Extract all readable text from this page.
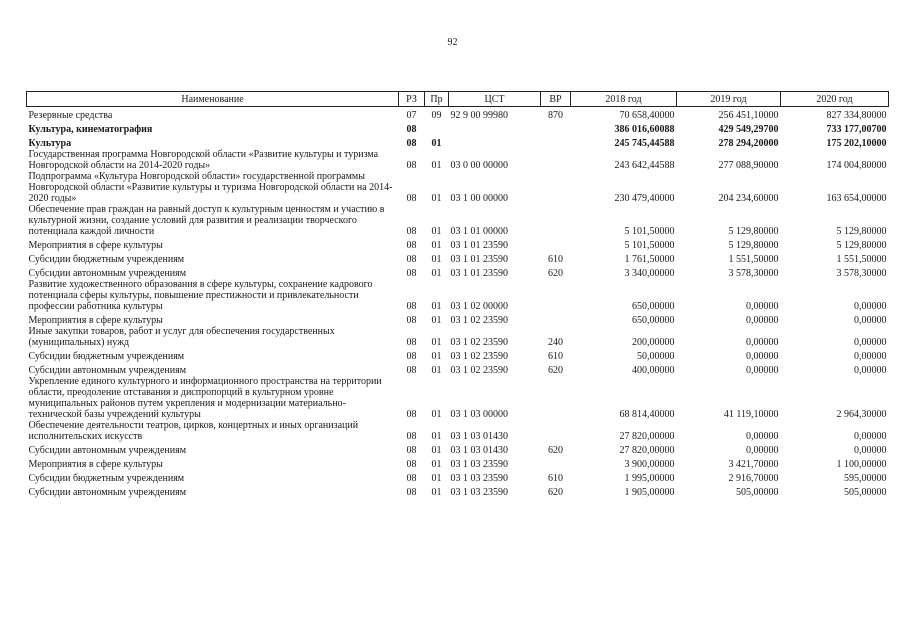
92
Наименование	РЗ	Пр	ЦСТ	ВР	2018 год	2019 год	2020 год
Резервные средства	07	09	92 9 00 99980	870	70 658,40000	256 451,10000	827 334,80000
Культура, кинематография	08				386 016,60088	429 549,29700	733 177,00700
Культура	08	01			245 745,44588	278 294,20000	175 202,10000
Государственная программа Новгородской области «Развитие культуры и туризма Новгородской области на 2014-2020 годы»	08	01	03 0 00 00000		243 642,44588	277 088,90000	174 004,80000
Подпрограмма «Культура Новгородской области» государственной программы Новгородской области «Развитие культуры и туризма Новгородской области на 2014-2020 годы»	08	01	03 1 00 00000		230 479,40000	204 234,60000	163 654,00000
Обеспечение прав граждан на равный доступ к культурным ценностям и участию в культурной жизни, создание условий для развития и реализации творческого потенциала каждой личности	08	01	03 1 01 00000		5 101,50000	5 129,80000	5 129,80000
Мероприятия в сфере культуры	08	01	03 1 01 23590		5 101,50000	5 129,80000	5 129,80000
Субсидии бюджетным учреждениям	08	01	03 1 01 23590	610	1 761,50000	1 551,50000	1 551,50000
Субсидии автономным учреждениям	08	01	03 1 01 23590	620	3 340,00000	3 578,30000	3 578,30000
Развитие художественного образования в сфере культуры, сохранение кадрового потенциала сферы культуры, повышение престижности и привлекательности профессии работника культуры	08	01	03 1 02 00000		650,00000	0,00000	0,00000
Мероприятия в сфере культуры	08	01	03 1 02 23590		650,00000	0,00000	0,00000
Иные закупки товаров, работ и услуг для обеспечения государственных (муниципальных) нужд	08	01	03 1 02 23590	240	200,00000	0,00000	0,00000
Субсидии бюджетным учреждениям	08	01	03 1 02 23590	610	50,00000	0,00000	0,00000
Субсидии автономным учреждениям	08	01	03 1 02 23590	620	400,00000	0,00000	0,00000
Укрепление единого культурного и информационного пространства на территории области, преодоление отставания и диспропорций в культурном уровне муниципальных районов путем укрепления и модернизации материально-технической базы учреждений культуры	08	01	03 1 03 00000		68 814,40000	41 119,10000	2 964,30000
Обеспечение деятельности театров, цирков, концертных и иных организаций исполнительских искусств	08	01	03 1 03 01430		27 820,00000	0,00000	0,00000
Субсидии автономным учреждениям	08	01	03 1 03 01430	620	27 820,00000	0,00000	0,00000
Мероприятия в сфере культуры	08	01	03 1 03 23590		3 900,00000	3 421,70000	1 100,00000
Субсидии бюджетным учреждениям	08	01	03 1 03 23590	610	1 995,00000	2 916,70000	595,00000
Субсидии автономным учреждениям	08	01	03 1 03 23590	620	1 905,00000	505,00000	505,00000
